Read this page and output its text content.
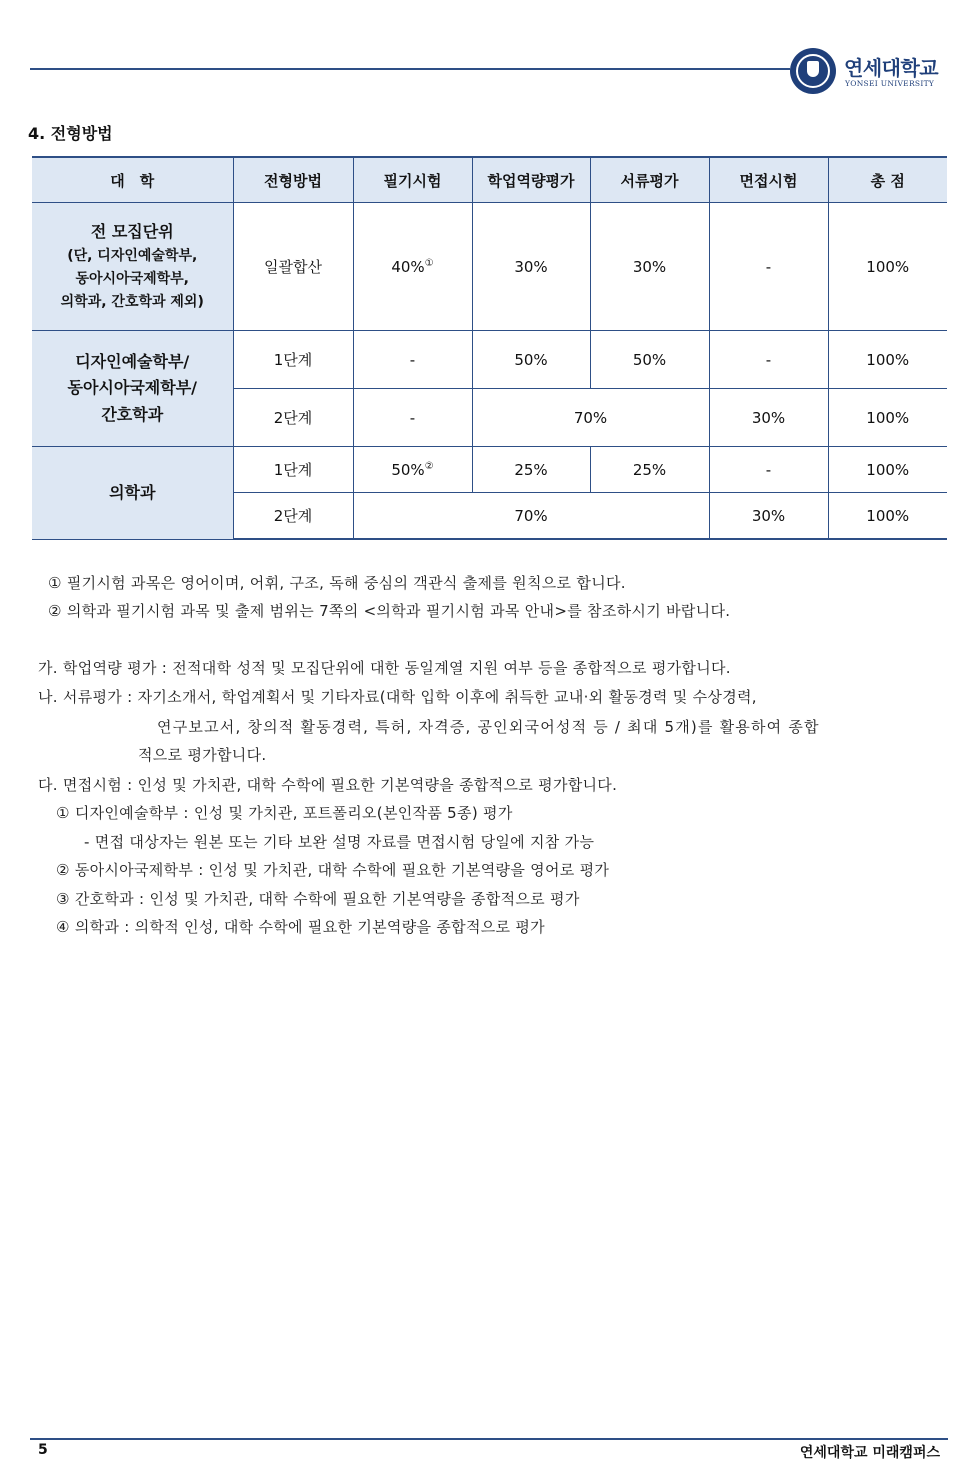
연세대학교
YONSEI UNIVERSITY
4. 전형방법
대　학	전형방법	필기시험	학업역량평가	서류평가	면접시험	총 점

전 모집단위
(단, 디자인예술학부,
동아시아국제학부,
의학과, 간호학과 제외)	일괄합산	40%①	30%	30%	-	100%

디자인예술학부/
동아시아국제학부/
간호학과	1단계	-	50%	50%	-	100%
	2단계	-	70%		30%	100%

의학과	1단계	50%②	25%	25%	-	100%
	2단계	70%			30%	100%
① 필기시험 과목은 영어이며, 어휘, 구조, 독해 중심의 객관식 출제를 원칙으로 합니다.
② 의학과 필기시험 과목 및 출제 범위는 7쪽의 <의학과 필기시험 과목 안내>를 참조하시기 바랍니다.
가. 학업역량 평가 : 전적대학 성적 및 모집단위에 대한 동일계열 지원 여부 등을 종합적으로 평가합니다.
나. 서류평가 : 자기소개서, 학업계획서 및 기타자료(대학 입학 이후에 취득한 교내·외 활동경력 및 수상경력,
연구보고서, 창의적 활동경력, 특허, 자격증, 공인외국어성적 등 / 최대 5개)를 활용하여 종합
적으로 평가합니다.
다. 면접시험 : 인성 및 가치관, 대학 수학에 필요한 기본역량을 종합적으로 평가합니다.
① 디자인예술학부 : 인성 및 가치관, 포트폴리오(본인작품 5종) 평가
- 면접 대상자는 원본 또는 기타 보완 설명 자료를 면접시험 당일에 지참 가능
② 동아시아국제학부 : 인성 및 가치관, 대학 수학에 필요한 기본역량을 영어로 평가
③ 간호학과 : 인성 및 가치관, 대학 수학에 필요한 기본역량을 종합적으로 평가
④ 의학과 : 의학적 인성, 대학 수학에 필요한 기본역량을 종합적으로 평가
5	연세대학교 미래캠퍼스
